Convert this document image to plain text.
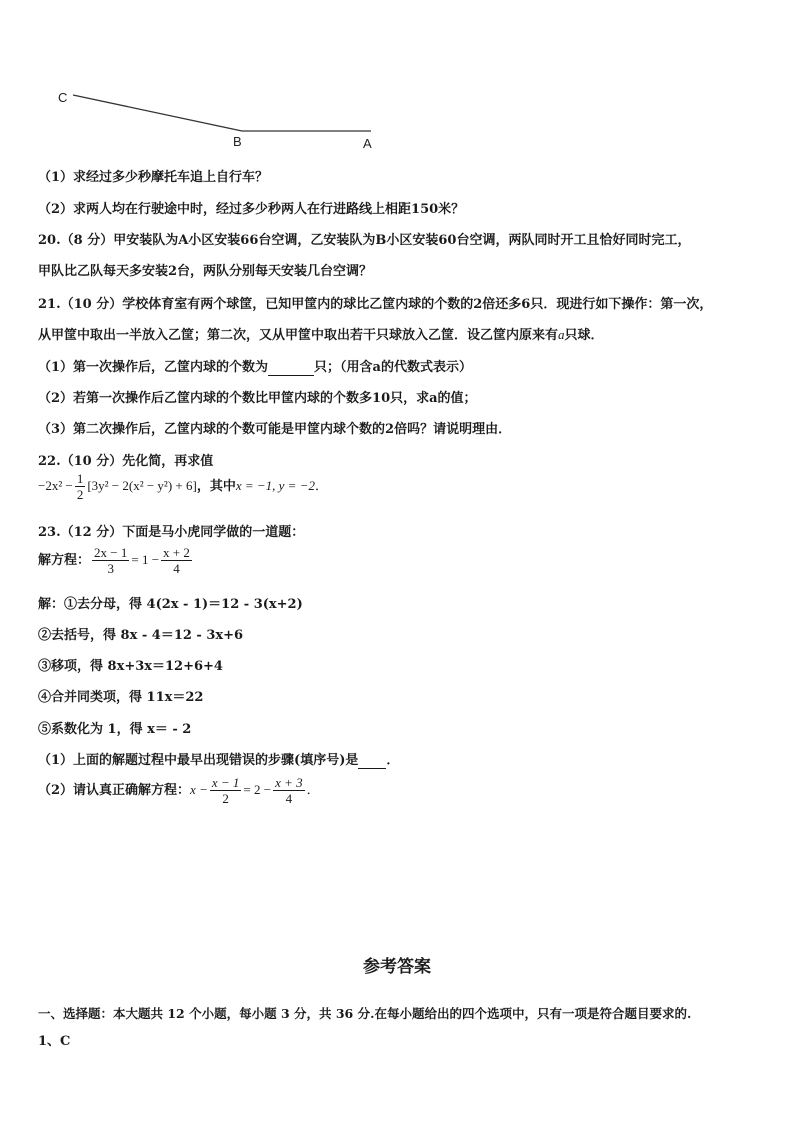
C
B	A
（1）求经过多少秒摩托车追上自行车？
（2）求两人均在行驶途中时，经过多少秒两人在行进路线上相距150米？
20.（8 分）甲安装队为A小区安装66台空调，乙安装队为B小区安装60台空调，两队同时开工且恰好同时完工，
甲队比乙队每天多安装2台，两队分别每天安装几台空调？
21.（10 分）学校体育室有两个球筐，已知甲筐内的球比乙筐内球的个数的2倍还多6只．现进行如下操作：第一次，
从甲筐中取出一半放入乙筐；第二次，又从甲筐中取出若干只球放入乙筐．设乙筐内原来有a只球．
（1）第一次操作后，乙筐内球的个数为	只；（用含a的代数式表示）
（2）若第一次操作后乙筐内球的个数比甲筐内球的个数多10只，求a的值；
（3）第二次操作后，乙筐内球的个数可能是甲筐内球个数的2倍吗？请说明理由．
22.（10 分）先化简，再求值
$-2x^2 - \frac{1}{2} [3y^2 - 2(x^2 - y^2) + 6]$，其中x = −1, y = −2．
23.（12 分）下面是马小虎同学做的一道题：
解方程： $\frac{2x - 1}{3} = 1 - \frac{x + 2}{4}$
解：①去分母，得 4(2x - 1)＝12 - 3(x+2)
②去括号，得 8x - 4＝12 - 3x+6
③移项，得 8x+3x＝12+6+4
④合并同类项，得 11x＝22
⑤系数化为 1，得 x＝ - 2
（1）上面的解题过程中最早出现错误的步骤(填序号)是 ．
（2）请认真正确解方程：$x - \frac{x - 1}{2} = 2 - \frac{x + 3}{4}$ ．
参考答案
一、选择题：本大题共 12 个小题，每小题 3 分，共 36 分.在每小题给出的四个选项中，只有一项是符合题目要求的.
1、C
